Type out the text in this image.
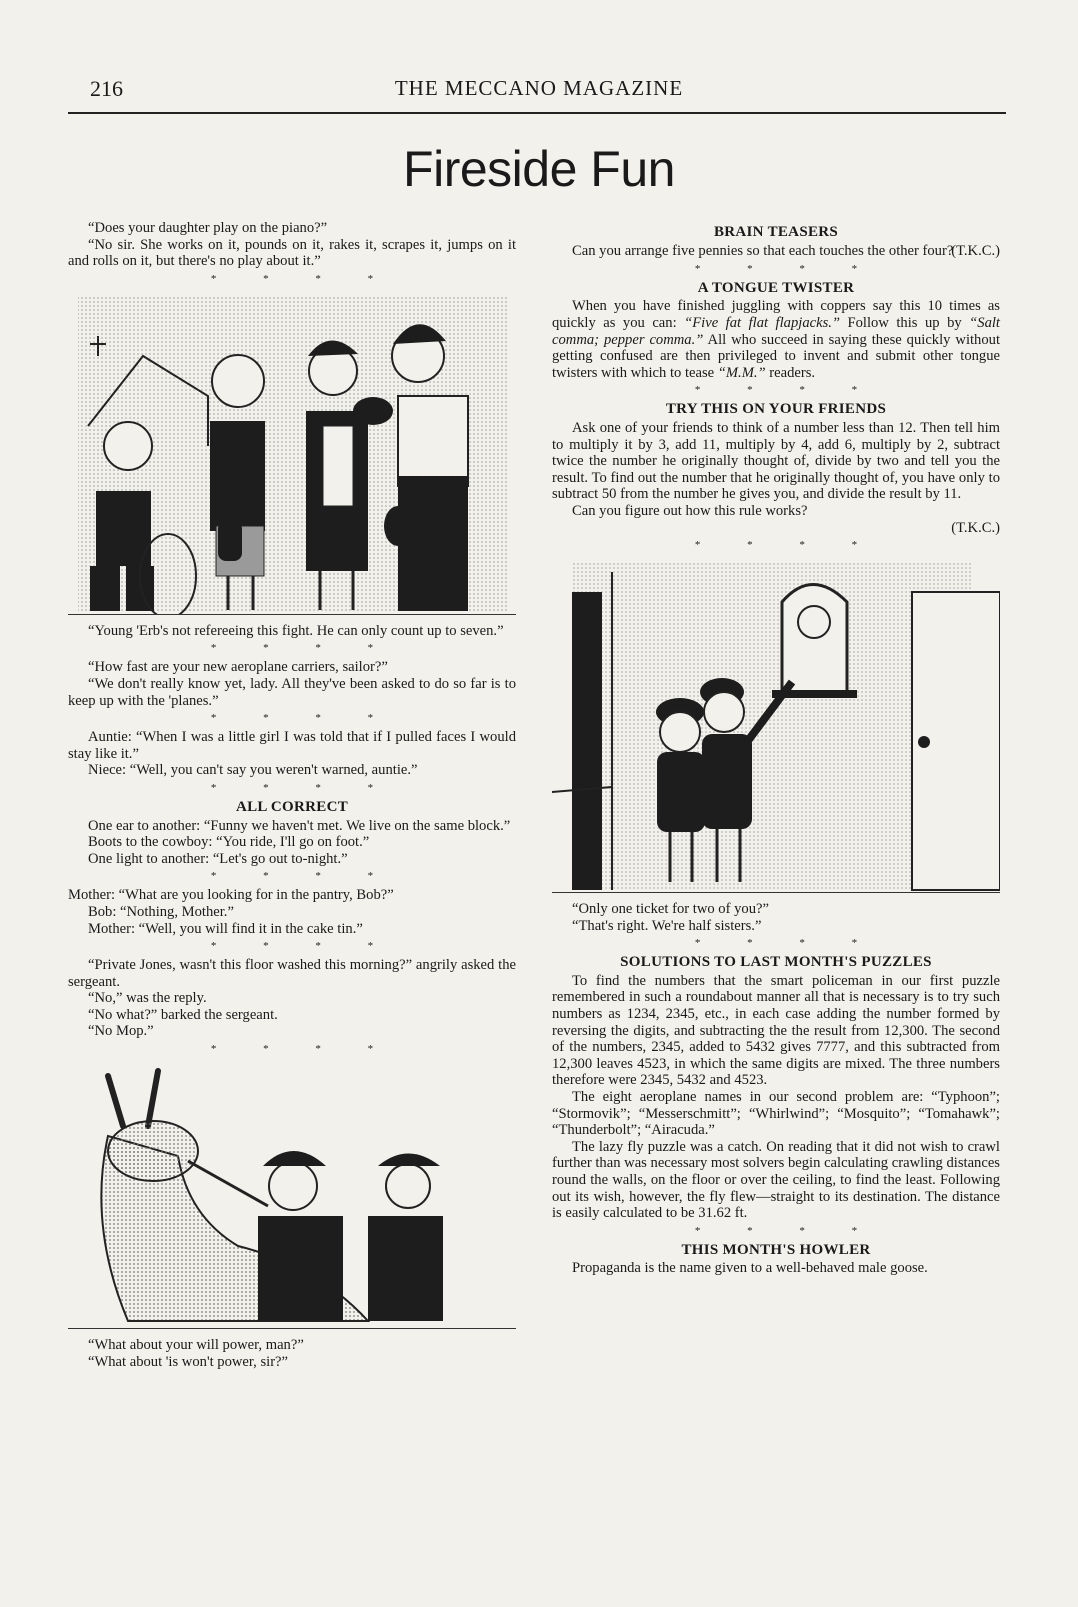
216	THE MECCANO MAGAZINE
Fireside Fun

“Does your daughter play on the piano?”

“No sir. She works on it, pounds on it, rakes it, scrapes it, jumps on it and rolls on it, but there's no play about it.”

* * * *

“Young 'Erb's not refereeing this fight. He can only count up to seven.”

* * * *

“How fast are your new aeroplane carriers, sailor?”

“We don't really know yet, lady. All they've been asked to do so far is to keep up with the 'planes.”

* * * *

Auntie: “When I was a little girl I was told that if I pulled faces I would stay like it.”

Niece: “Well, you can't say you weren't warned, auntie.”

* * * *
ALL CORRECT

One ear to another: “Funny we haven't met. We live on the same block.”

Boots to the cowboy: “You ride, I'll go on foot.”

One light to another: “Let's go out to-night.”

* * * *

Mother: “What are you looking for in the pantry, Bob?”

Bob: “Nothing, Mother.”

Mother: “Well, you will find it in the cake tin.”

* * * *

“Private Jones, wasn't this floor washed this morning?” angrily asked the sergeant.

“No,” was the reply.

“No what?” barked the sergeant.

“No Mop.”

* * * *

“What about your will power, man?”
“What about 'is won't power, sir?”

BRAIN TEASERS

Can you arrange five pennies so that each touches the other four?

(T.K.C.)
* * * *
A TONGUE TWISTER

When you have finished juggling with coppers say this 10 times as quickly as you can: “Five fat flat flapjacks.” Follow this up by “Salt comma; pepper comma.” All who succeed in saying these quickly without getting confused are then privileged to invent and submit other tongue twisters with which to tease “M.M.” readers.

* * * *
TRY THIS ON YOUR FRIENDS

Ask one of your friends to think of a number less than 12. Then tell him to multiply it by 3, add 11, multiply by 4, add 6, multiply by 2, subtract twice the number he originally thought of, divide by two and tell you the result. To find out the number that he originally thought of, you have only to subtract 50 from the number he gives you, and divide the result by 11.

Can you figure out how this rule works?

(T.K.C.)
* * * *

“Only one ticket for two of you?”
“That's right. We're half sisters.”

* * * *
SOLUTIONS TO LAST MONTH'S PUZZLES

To find the numbers that the smart policeman in our first puzzle remembered in such a roundabout manner all that is necessary is to try such numbers as 1234, 2345, etc., in each case adding the number formed by reversing the digits, and subtracting the the result from 12,300. The second of the numbers, 2345, added to 5432 gives 7777, and this subtracted from 12,300 leaves 4523, in which the same digits are mixed. The three numbers therefore were 2345, 5432 and 4523.

The eight aeroplane names in our second problem are: “Typhoon”; “Stormovik”; “Messerschmitt”; “Whirlwind”; “Mosquito”; “Tomahawk”; “Thunderbolt”; “Airacuda.”

The lazy fly puzzle was a catch. On reading that it did not wish to crawl further than was necessary most solvers begin calculating crawling distances round the walls, on the floor or over the ceiling, to find the least. Following out its wish, however, the fly flew—straight to its destination. The distance is easily calculated to be 31.62 ft.

* * * *
THIS MONTH'S HOWLER

Propaganda is the name given to a well-behaved male goose.
